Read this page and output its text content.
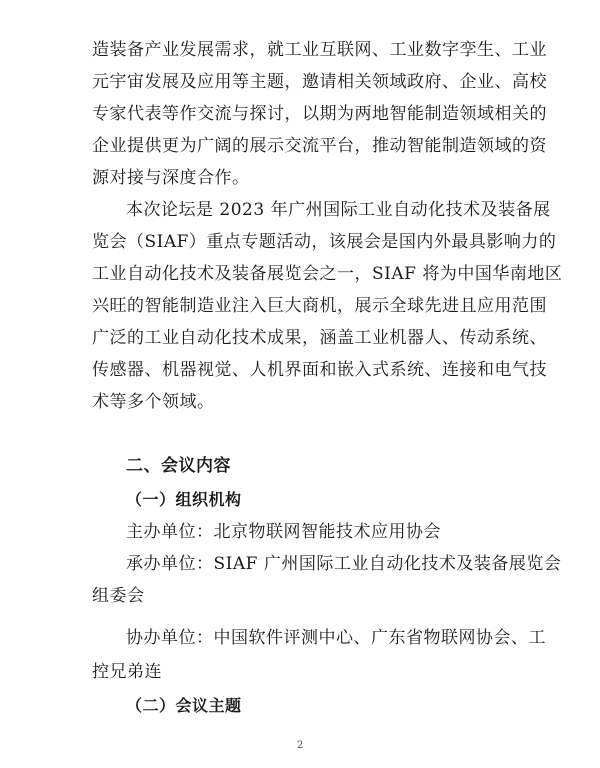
造装备产业发展需求，就工业互联网、工业数字孪生、工业
元宇宙发展及应用等主题，邀请相关领域政府、企业、高校
专家代表等作交流与探讨，以期为两地智能制造领域相关的
企业提供更为广阔的展示交流平台，推动智能制造领域的资
源对接与深度合作。
本次论坛是 2023 年广州国际工业自动化技术及装备展
览会（SIAF）重点专题活动，该展会是国内外最具影响力的
工业自动化技术及装备展览会之一，SIAF 将为中国华南地区
兴旺的智能制造业注入巨大商机，展示全球先进且应用范围
广泛的工业自动化技术成果，涵盖工业机器人、传动系统、
传感器、机器视觉、人机界面和嵌入式系统、连接和电气技
术等多个领域。
二、会议内容
（一）组织机构
主办单位：北京物联网智能技术应用协会
承办单位：SIAF 广州国际工业自动化技术及装备展览会
组委会
协办单位：中国软件评测中心、广东省物联网协会、工
控兄弟连
（二）会议主题
2
